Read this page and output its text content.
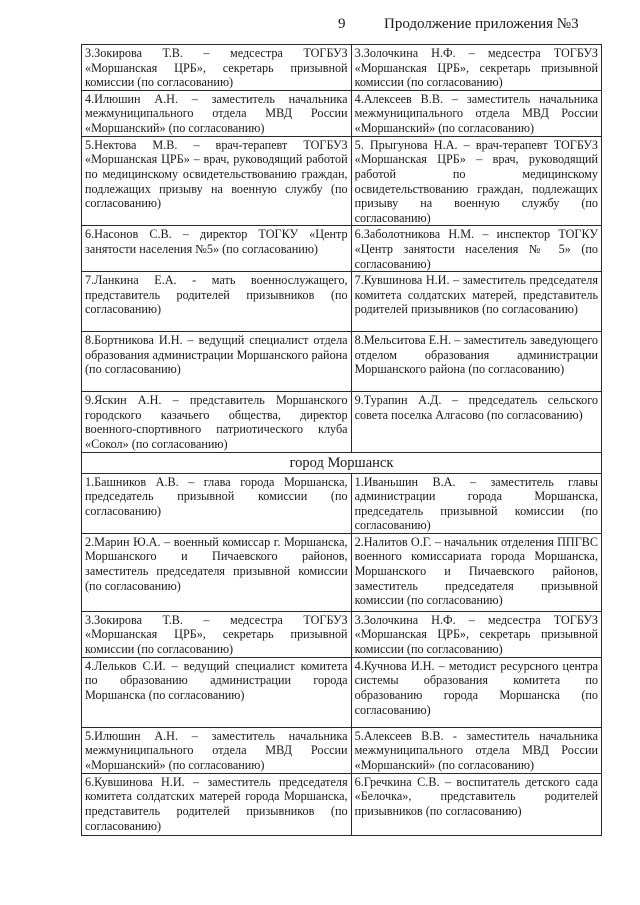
9	Продолжение приложения №3
3.Зокирова Т.В. – медсестра ТОГБУЗ «Моршанская ЦРБ», секретарь призывной комиссии (по согласованию)	3.Золочкина Н.Ф. – медсестра ТОГБУЗ «Моршанская ЦРБ», секретарь призывной комиссии (по согласованию)
4.Илюшин А.Н. – заместитель начальника межмуниципального отдела МВД России «Моршанский» (по согласованию)	4.Алексеев В.В. – заместитель начальника межмуниципального отдела МВД России «Моршанский» (по согласованию)
5.Нектова М.В. – врач-терапевт ТОГБУЗ «Моршанская ЦРБ» – врач, руководящий работой по медицинскому освидетельствованию граждан, подлежащих призыву на военную службу (по согласованию)	5. Прыгунова Н.А. – врач-терапевт ТОГБУЗ «Моршанская ЦРБ» – врач, руководящий работой по медицинскому освидетельствованию граждан, подлежащих призыву на военную службу (по согласованию)
6.Насонов С.В. – директор ТОГКУ «Центр занятости населения №5» (по согласованию)	6.Заболотникова Н.М. – инспектор ТОГКУ «Центр занятости населения № 5» (по согласованию)
7.Ланкина Е.А. - мать военнослужащего, представитель родителей призывников (по согласованию)	7.Кувшинова Н.И. – заместитель председателя комитета солдатских матерей, представитель родителей призывников (по согласованию)
8.Бортникова И.Н. – ведущий специалист отдела образования администрации Моршанского района (по согласованию)	8.Мельситова Е.Н. – заместитель заведующего отделом образования администрации Моршанского района (по согласованию)
9.Яскин А.Н. – представитель Моршанского городского казачьего общества, директор военного-спортивного патриотического клуба «Сокол» (по согласованию)	9.Турапин А.Д. – председатель сельского совета поселка Алгасово (по согласованию)
город Моршанск	
1.Башников А.В. – глава города Моршанска, председатель призывной комиссии (по согласованию)	1.Иваньшин В.А. – заместитель главы администрации города Моршанска, председатель призывной комиссии (по согласованию)
2.Марин Ю.А. – военный комиссар г. Моршанска, Моршанского и Пичаевского районов, заместитель председателя призывной комиссии (по согласованию)	2.Налитов О.Г. – начальник отделения ППГВС военного комиссариата города Моршанска, Моршанского и Пичаевского районов, заместитель председателя призывной комиссии (по согласованию)
3.Зокирова Т.В. – медсестра ТОГБУЗ «Моршанская ЦРБ», секретарь призывной комиссии (по согласованию)	3.Золочкина Н.Ф. – медсестра ТОГБУЗ «Моршанская ЦРБ», секретарь призывной комиссии (по согласованию)
4.Лельков С.И. – ведущий специалист комитета по образованию администрации города Моршанска (по согласованию)	4.Кучнова И.Н. – методист ресурсного центра системы образования комитета по образованию города Моршанска (по согласованию)
5.Илюшин А.Н. – заместитель начальника межмуниципального отдела МВД России «Моршанский» (по согласованию)	5.Алексеев В.В. - заместитель начальника межмуниципального отдела МВД России «Моршанский» (по согласованию)
6.Кувшинова Н.И. – заместитель председателя комитета солдатских матерей города Моршанска, представитель родителей призывников (по согласованию)	6.Гречкина С.В. – воспитатель детского сада «Белочка», представитель родителей призывников (по согласованию)
